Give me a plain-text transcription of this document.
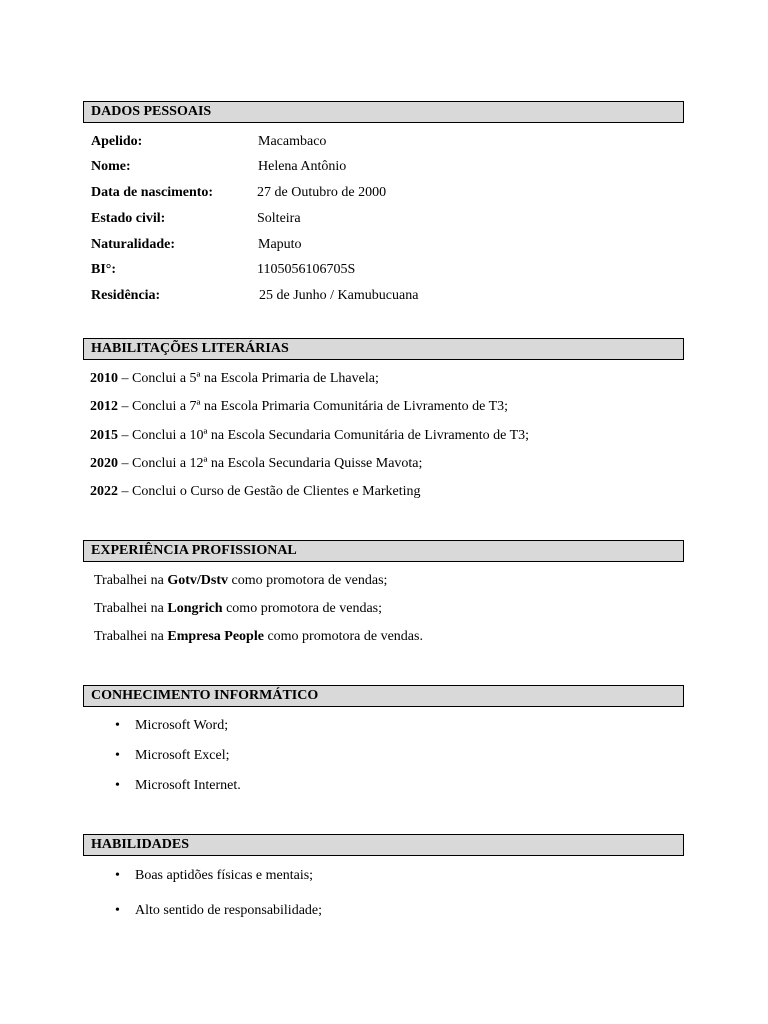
DADOS PESSOAIS
Apelido:	Macambaco
Nome:	Helena Antônio
Data de nascimento:	27 de Outubro de 2000
Estado civil:	Solteira
Naturalidade:	Maputo
BI°:	1105056106705S
Residência:	25 de Junho / Kamubucuana
HABILITAÇÕES LITERÁRIAS
2010 – Conclui a 5ª na Escola Primaria de Lhavela;
2012 – Conclui a 7ª na Escola Primaria Comunitária de Livramento de T3;
2015 – Conclui a 10ª na Escola Secundaria Comunitária de Livramento de T3;
2020 – Conclui a 12ª na Escola Secundaria Quisse Mavota;
2022 – Conclui o Curso de Gestão de Clientes e Marketing
EXPERIÊNCIA PROFISSIONAL
Trabalhei na Gotv/Dstv como promotora de vendas;
Trabalhei na Longrich como promotora de vendas;
Trabalhei na Empresa People como promotora de vendas.
CONHECIMENTO INFORMÁTICO
• Microsoft Word;
• Microsoft Excel;
• Microsoft Internet.
HABILIDADES
• Boas aptidões físicas e mentais;
• Alto sentido de responsabilidade;
